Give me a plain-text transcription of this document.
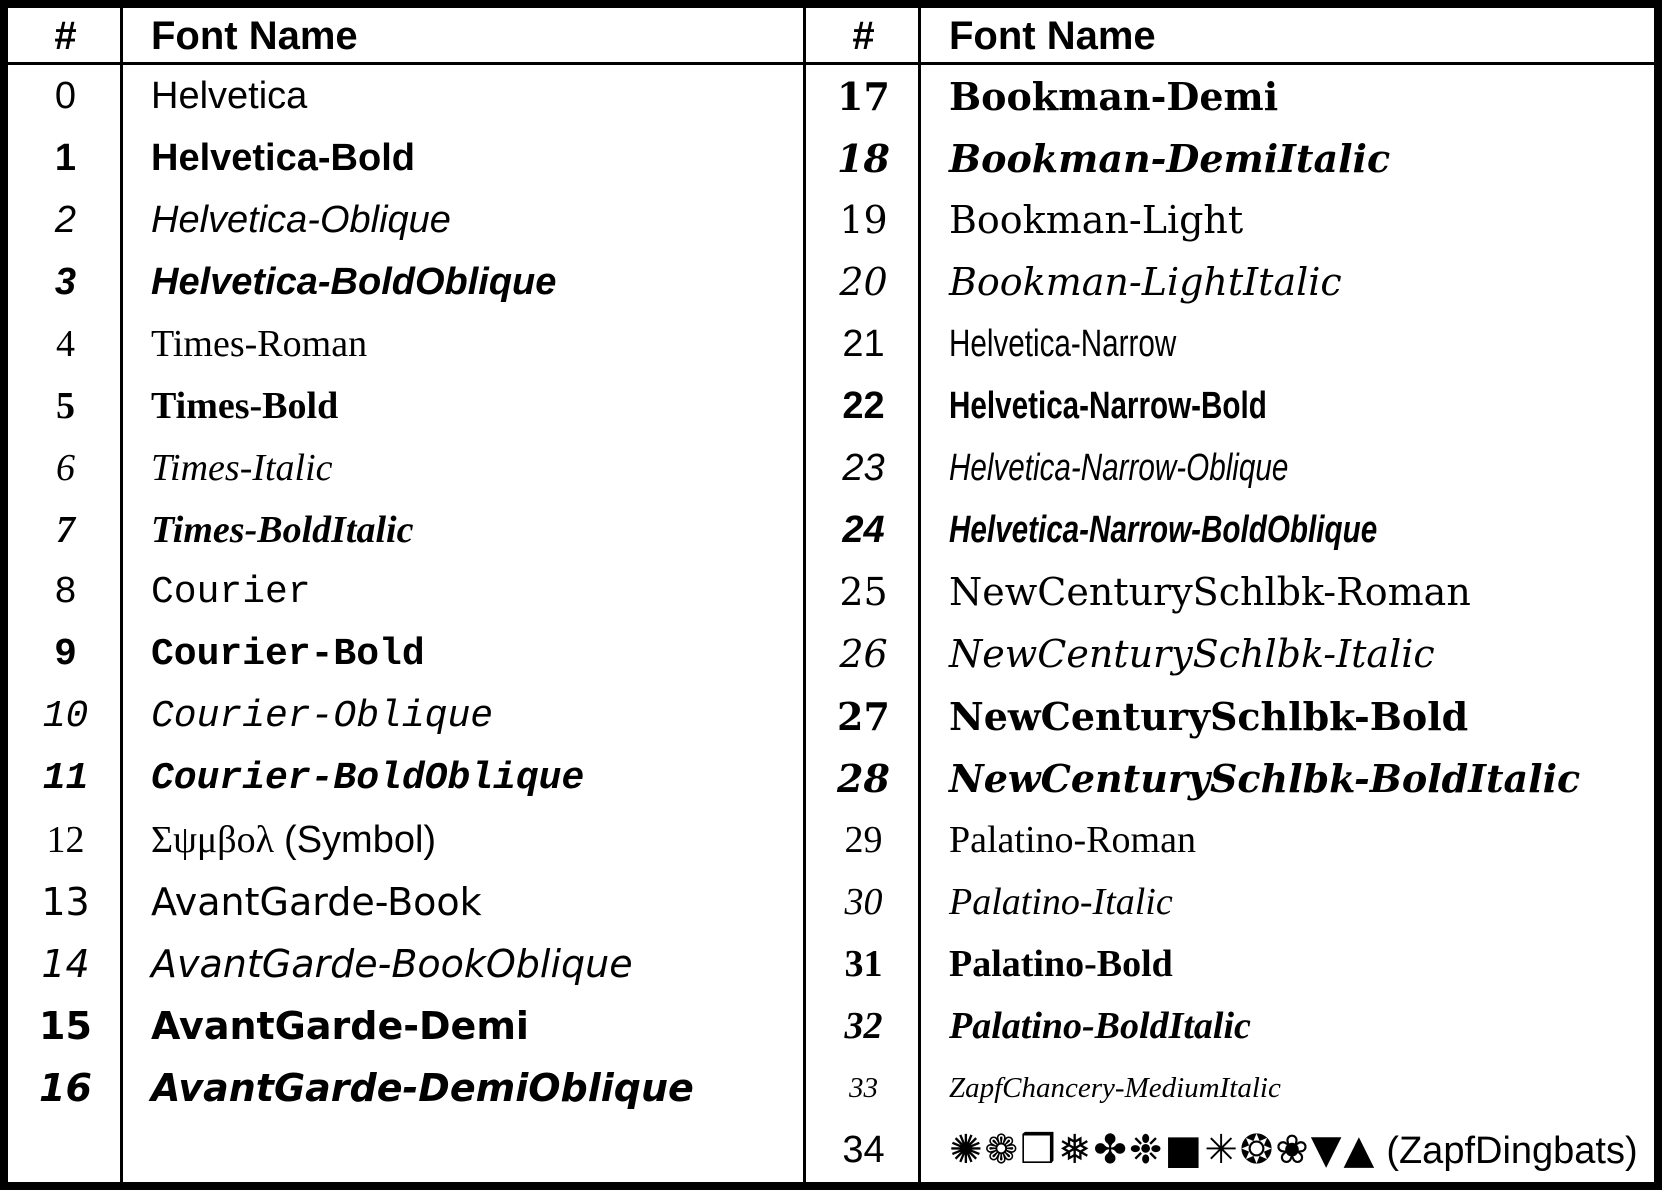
#	Font Name
0	Helvetica
1	Helvetica-Bold
2	Helvetica-Oblique
3	Helvetica-BoldOblique
4	Times-Roman
5	Times-Bold
6	Times-Italic
7	Times-BoldItalic
8	Courier
9	Courier-Bold
10	Courier-Oblique
11	Courier-BoldOblique
12	Σψμβολ (Symbol)
13	AvantGarde-Book
14	AvantGarde-BookOblique
15	AvantGarde-Demi
16	AvantGarde-DemiOblique
#	Font Name
17	Bookman-Demi
18	Bookman-DemiItalic
19	Bookman-Light
20	Bookman-LightItalic
21	Helvetica-Narrow
22	Helvetica-Narrow-Bold
23	Helvetica-Narrow-Oblique
24	Helvetica-Narrow-BoldOblique
25	NewCenturySchlbk-Roman
26	NewCenturySchlbk-Italic
27	NewCenturySchlbk-Bold
28	NewCenturySchlbk-BoldItalic
29	Palatino-Roman
30	Palatino-Italic
31	Palatino-Bold
32	Palatino-BoldItalic
33	ZapfChancery-MediumItalic
34	✺❁❒❅✤❉■✳❂❀▼▲ (ZapfDingbats)
